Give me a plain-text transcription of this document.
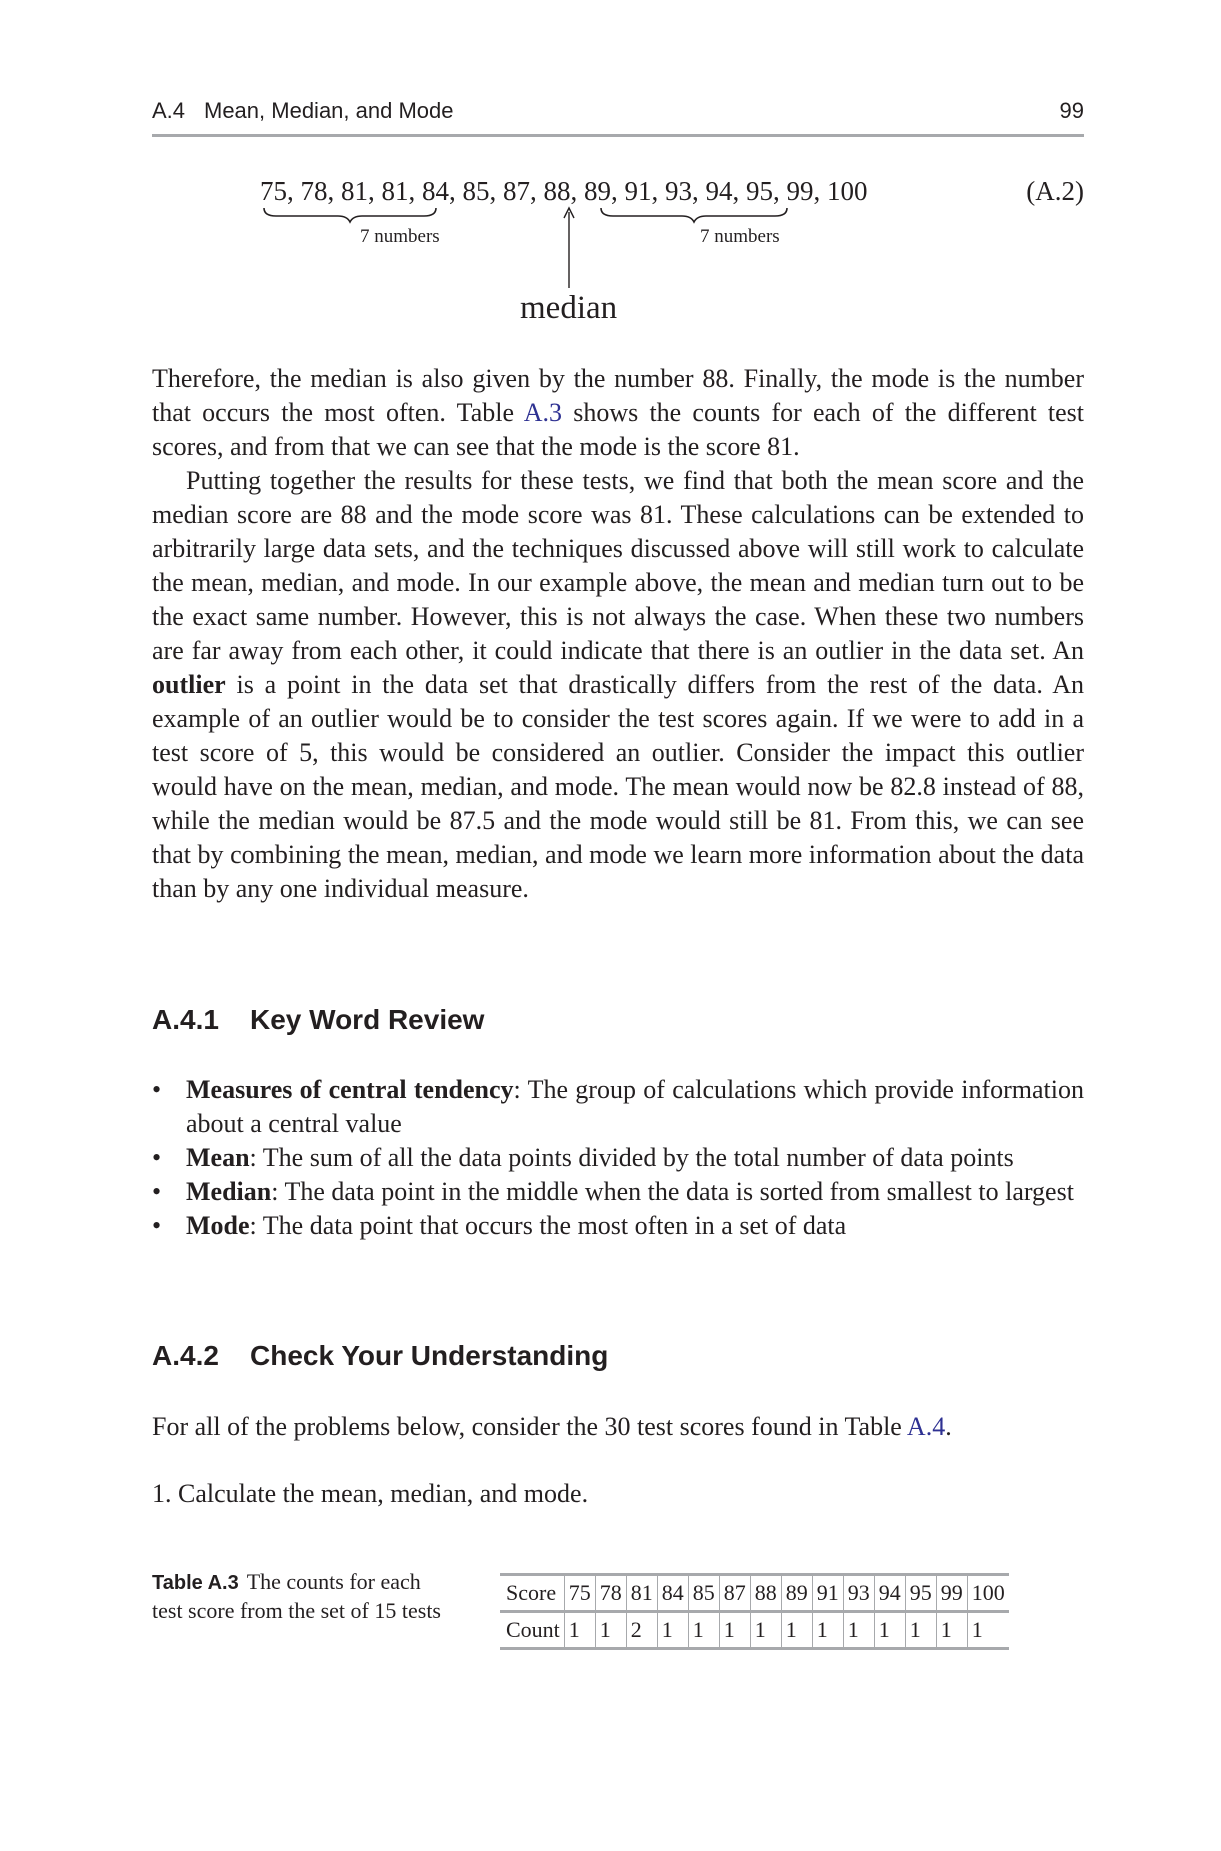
A.4 Mean, Median, and Mode	99
75, 78, 81, 81, 84, 85, 87, 88, 89, 91, 93, 94, 95, 99, 100	(A.2)
7 numbers	7 numbers
median

Therefore, the median is also given by the number 88. Finally, the mode is the number that occurs the most often. Table A.3 shows the counts for each of the different test scores, and from that we can see that the mode is the score 81.

Putting together the results for these tests, we find that both the mean score and the median score are 88 and the mode score was 81. These calculations can be extended to arbitrarily large data sets, and the techniques discussed above will still work to calculate the mean, median, and mode. In our example above, the mean and median turn out to be the exact same number. However, this is not always the case. When these two numbers are far away from each other, it could indicate that there is an outlier in the data set. An outlier is a point in the data set that drastically differs from the rest of the data. An example of an outlier would be to consider the test scores again. If we were to add in a test score of 5, this would be considered an outlier. Consider the impact this outlier would have on the mean, median, and mode. The mean would now be 82.8 instead of 88, while the median would be 87.5 and the mode would still be 81. From this, we can see that by combining the mean, median, and mode we learn more information about the data than by any one individual measure.

A.4.1 Key Word Review
• Measures of central tendency: The group of calculations which provide information about a central value
• Mean: The sum of all the data points divided by the total number of data points
• Median: The data point in the middle when the data is sorted from smallest to largest
• Mode: The data point that occurs the most often in a set of data
A.4.2 Check Your Understanding
For all of the problems below, consider the 30 test scores found in Table A.4.
1. Calculate the mean, median, and mode.
Table A.3 The counts for each test score from the set of 15 tests
Score	75	78	81	84	85	87	88	89	91	93	94	95	99	100
Count	1	1	2	1	1	1	1	1	1	1	1	1	1	1
